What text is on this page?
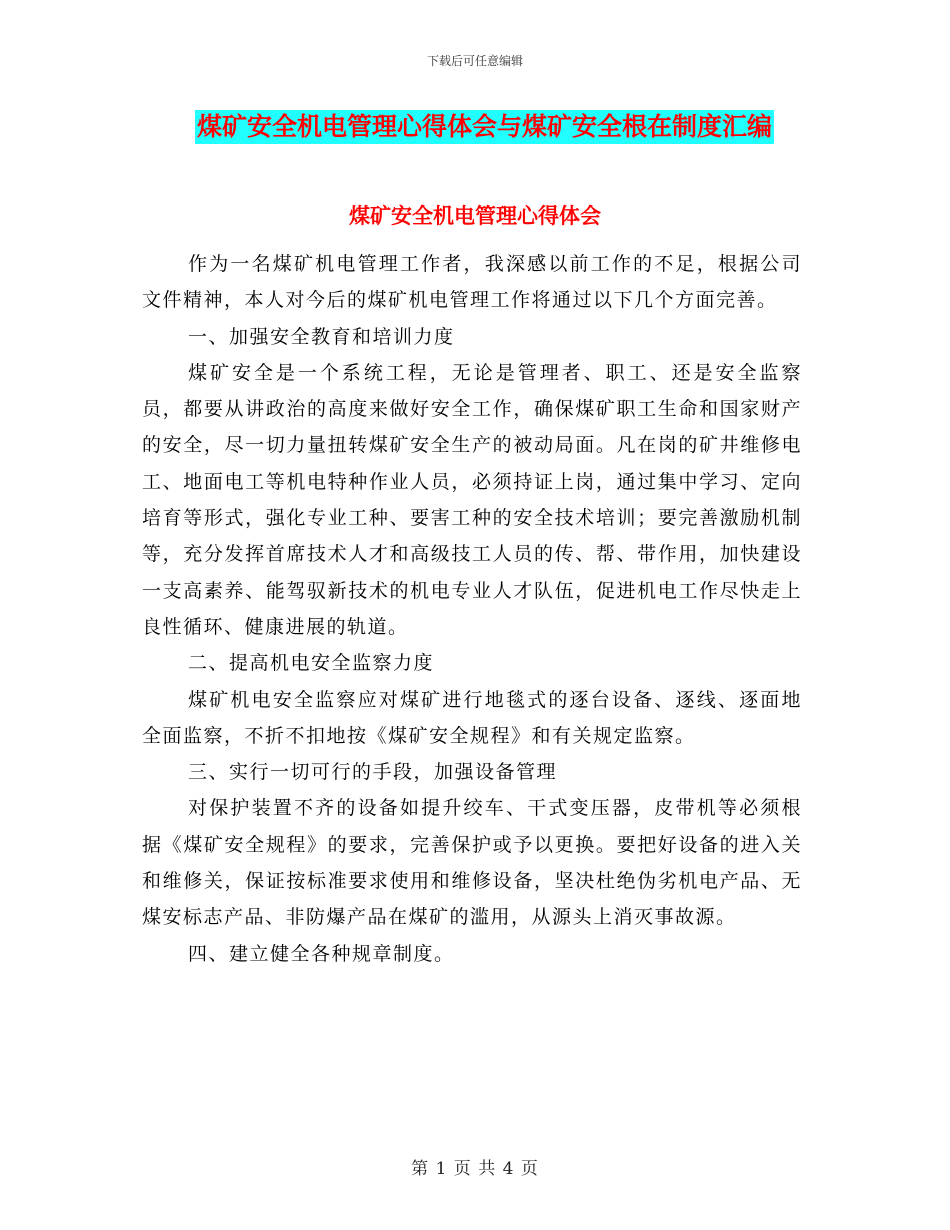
下载后可任意编辑
煤矿安全机电管理心得体会与煤矿安全根在制度汇编
煤矿安全机电管理心得体会

作为一名煤矿机电管理工作者，我深感以前工作的不足，根据公司文件精神，本人对今后的煤矿机电管理工作将通过以下几个方面完善。

一、加强安全教育和培训力度

煤矿安全是一个系统工程，无论是管理者、职工、还是安全监察员，都要从讲政治的高度来做好安全工作，确保煤矿职工生命和国家财产的安全，尽一切力量扭转煤矿安全生产的被动局面。凡在岗的矿井维修电工、地面电工等机电特种作业人员，必须持证上岗，通过集中学习、定向培育等形式，强化专业工种、要害工种的安全技术培训；要完善激励机制等，充分发挥首席技术人才和高级技工人员的传、帮、带作用，加快建设一支高素养、能驾驭新技术的机电专业人才队伍，促进机电工作尽快走上良性循环、健康进展的轨道。

二、提高机电安全监察力度

煤矿机电安全监察应对煤矿进行地毯式的逐台设备、逐线、逐面地全面监察，不折不扣地按《煤矿安全规程》和有关规定监察。

三、实行一切可行的手段，加强设备管理

对保护装置不齐的设备如提升绞车、干式变压器，皮带机等必须根据《煤矿安全规程》的要求，完善保护或予以更换。要把好设备的进入关和维修关，保证按标准要求使用和维修设备，坚决杜绝伪劣机电产品、无煤安标志产品、非防爆产品在煤矿的滥用，从源头上消灭事故源。

四、建立健全各种规章制度。

第 1 页 共 4 页
